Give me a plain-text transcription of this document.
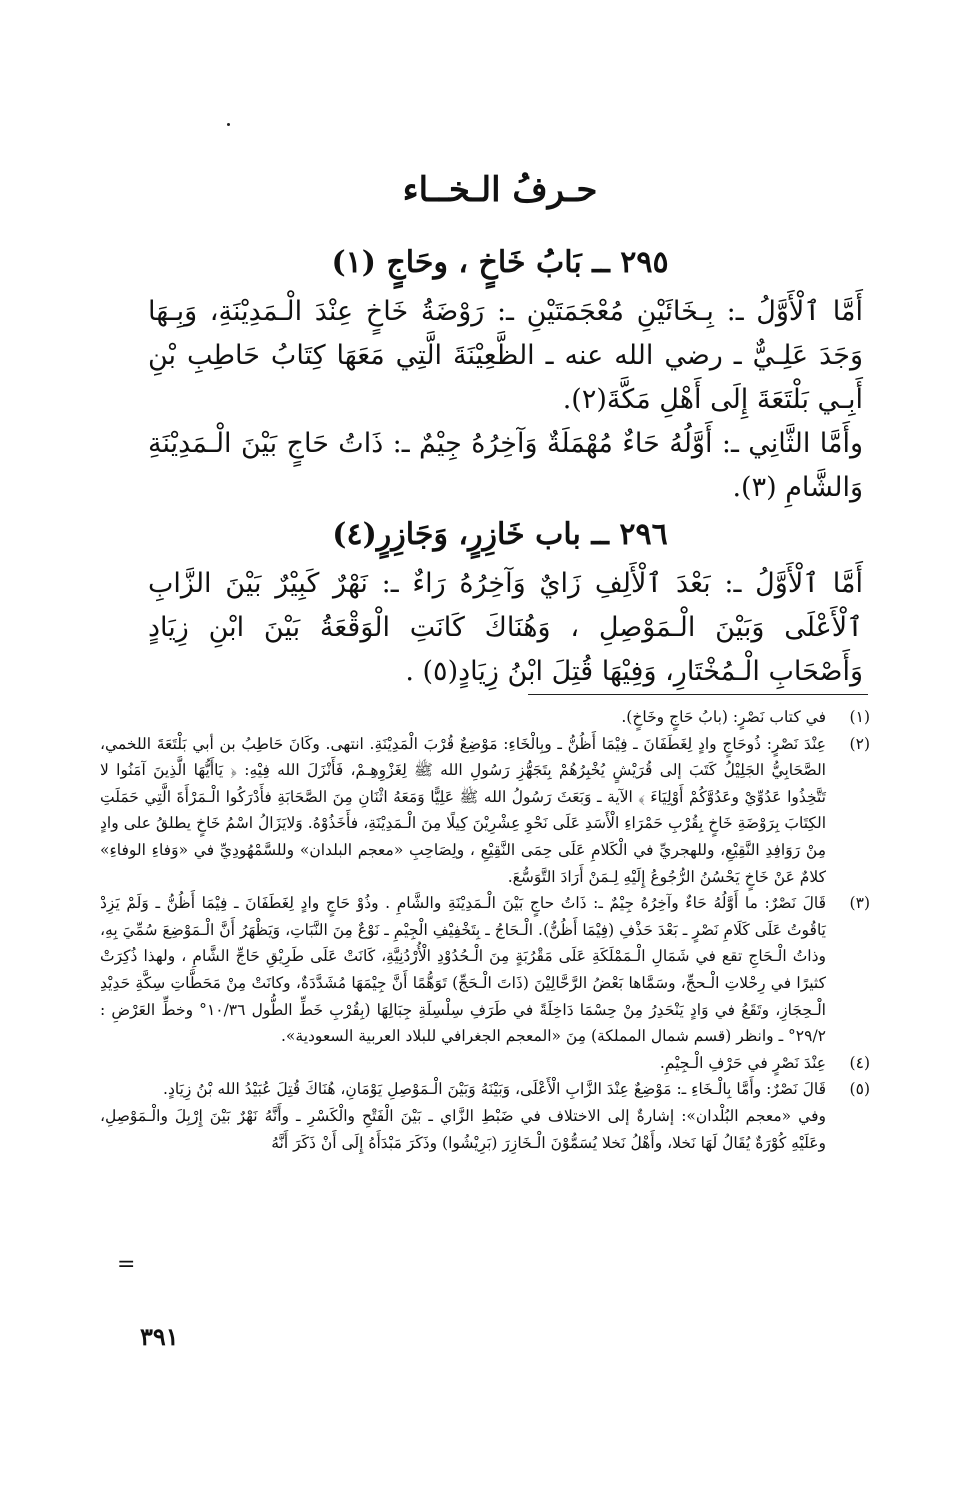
حـرفُ الـخــاء
٢٩٥ ــ بَابُ خَاخٍ ، وحَاجٍ (١)
أَمَّا ٱلْأَوَّلُ ـ: بِـخَائَيْنِ مُعْجَمَتَيْنِ ـ: رَوْضَةُ خَاخٍ عِنْدَ الْـمَدِيْنَةِ، وَبِـهَا وَجَدَ عَلِـيٌّ ـ رضي الله عنه ـ الظَّعِيْنَةَ الَّتِي مَعَهَا كِتَابُ حَاطِبِ بْنِ أَبِـي بَلْتَعَةَ إِلَى أَهْلِ مَكَّةَ(٢).
وأَمَّا الثَّانِي ـ: أَوَّلُهُ حَاءٌ مُهْمَلَةٌ وَآخِرُهُ جِيْمٌ ـ: ذَاتُ حَاجٍ بَيْنَ الْـمَدِيْنَةِ وَالشَّامِ (٣).
٢٩٦ ــ باب خَازِرٍ، وَجَازِرٍ(٤)
أَمَّا ٱلْأَوَّلُ ـ: بَعْدَ ٱلْأَلِفِ زَايٌ وَآخِرُهُ رَاءٌ ـ: نَهْرٌ كَبِيْرٌ بَيْنَ الزَّابِ ٱلْأَعْلَى وَبَيْنَ الْـمَوْصِلِ ، وَهُنَاكَ كَانَتِ الْوَقْعَةُ بَيْنَ ابْنِ زِيَادٍ وَأَصْحَابِ الْـمُخْتَارِ، وَفِيْهَا قُتِلَ ابْنُ زِيَادٍ(٥) .
(١)
في كتاب نَصْرٍ: (بابُ حَاجٍ وخَاخٍ).
(٢)
عِنْدَ نَصْرٍ: ذُوحَاجٍ وادٍ لِغَطَفَانَ ـ فِيْمَا أَظُنُّ ـ وبِالْخَاءِ: مَوْضِعٌ قُرْبَ الْمَدِيْنَةِ. انتهى. وكَانَ حَاطِبُ بن أبي بَلْتَعَةَ اللخمي، الصَّحَابِيُّ الجَلِيْلُ كَتَبَ إلى قُرَيْشٍ يُخْبِرُهُمْ بِتَجَهُّزِ رَسُولِ الله ﷺ لِغَزْوِهِـمْ، فَأَنْزَلَ الله فِيْهِ: ﴿ يَاأَيُّهَا الَّذِينَ آمَنُوا لا تَتَّخِذُوا عَدُوِّيْ وعَدُوَّكُمْ أَوْلِيَاءَ ﴾ الآية ـ وَبَعَثَ رَسُولُ الله ﷺ عَلِيًّا وَمَعَهُ اثْنَانِ مِنَ الصَّحَابَةِ فأَدْرَكُوا الْـمَرْأَةَ الَّتِي حَمَلَتِ الكِتَابَ بِرَوْضَةِ خَاخٍ بِقُرْبِ حَمْرَاءِ الْأَسَدِ عَلَى نَحْوِ عِشْرِيْنَ كِيلًا مِنَ الْـمَدِيْنَةِ، فأَخَذُوْهُ. وَلايَزَالُ اسْمُ خَاخٍ يطلقُ على وادٍ مِنْ رَوَافِدِ النَّقِيْعِ، وللهجريِّ في الْكَلامِ عَلَى حِمَى النَّقِيْعِ ، ولِصَاحِبِ «معجم البلدان» وللسَّمْهُودِيِّ في «وَفاءِ الوفاءِ» كلامٌ عَنْ خَاخٍ يَحْسُنُ الرُّجُوعُ إِلَيْهِ لِـمَنْ أَرَادَ التَّوَسُّعَ.
(٣)
قَالَ نَصْرٌ: ما أَوَّلُهُ حَاءٌ وآخِرُهُ جِيْمٌ ـ: ذَاتُ حاجٍ بَيْنَ الْـمَدِيْنَةِ والشَّامِ . وذُوْ حَاجٍ وادٍ لِغَطَفَانَ ـ فِيْمَا أَظُنُّ ـ وَلَمْ يَزِدْ يَاقُوتُ عَلَى كَلَامِ نَصْرٍ ـ بَعْدَ حَذْفِ (فِيْمَا أَظُنُّ). الْـحَاجُ ـ بِتَخْفِيْفِ الْجِيْمِ ـ نَوْعٌ مِنَ النَّبَاتِ، وَيَظْهَرُ أَنَّ الْـمَوْضِعَ سُمِّيَ بِهِ، وذاتُ الْـحَاجِ تقع في شَمَالِ الْـمَمْلَكَةِ عَلَى مَقْرُبَةٍ مِنَ الْـحُدُوْدِ الْأُرْدُنِيَّةِ، كَانَتْ عَلَى طَرِيْقِ حَاجِّ الشَّامِ ، ولهذا ذُكِرَتْ كثيرًا في رِحْلاتِ الْـحجِّ، وسَمَّاها بَعْضُ الرَّحَّالِيْنَ (ذَاتَ الْـحَجِّ) تَوَهُّمًا أَنَّ جِيْمَهَا مُشَدَّدَةٌ، وكانَتْ مِنْ مَحَطَّاتِ سِكَّةِ حَدِيْدِ الْـحِجَازِ، وتَقَعُ في وَادٍ يَنْحَدِرُ مِنْ حِسْمَا دَاخِلَةً في طَرَفِ سِلْسِلَةِ جِبَالِهَا (بِقُرْبِ خَطِّ الطُّول ١٠/٣٦° وخطِّ العَرْضِ : ٢٩/٢° ـ وانظر (قسم شمال المملكة) مِنَ «المعجم الجغرافي للبلاد العربية السعودية».
(٤)
عِنْدَ نَصْرٍ في حَرْفِ الْـجِيْمِ.
(٥)
قَالَ نَصْرٌ: وأَمَّا بِالْـخَاءِ ـ: مَوْضِعٌ عِنْدَ الزَّابِ الْأَعْلَى، وَبَيْنَهُ وَبَيْنَ الْـمَوْصِلِ يَوْمَانِ، هُنَاكَ قُتِلَ عُبَيْدُ الله بْنُ زِيَادٍ.
وفي «معجم البُلْدان»: إشارةٌ إلى الاختلاف في ضَبْطِ الزَّاي ـ بَيْنَ الْفَتْحِ والْكَسْرِ ـ وأَنَّهُ نَهْرٌ بَيْنَ إِرْبِلَ والْـمَوْصِلِ، وعَلَيْهِ كُوْرَةٌ يُقَالُ لَهَا نَخلا، وأَهْلُ نَخلا يُسَمُّوْنَ الْـخَازِرَ (بَرِيْشُوا) وذَكَرَ مَبْدَأَهُ إِلَى أَنْ ذَكَرَ أَنَّهُ
=
٣٩١
